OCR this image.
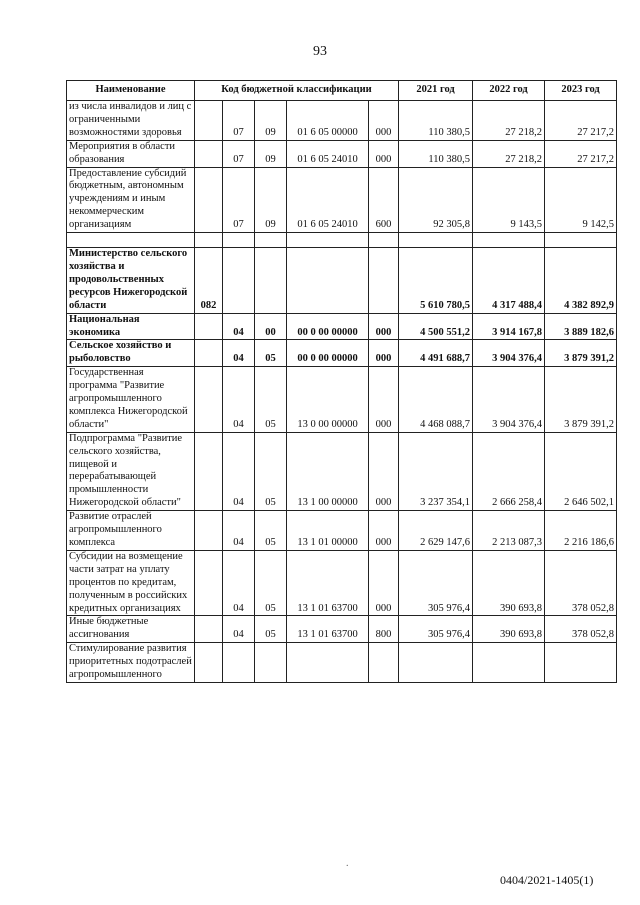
93
Наименование	Код бюджетной классификации					2021 год	2022 год	2023 год
из числа инвалидов и лиц с ограниченными возможностями здоровья		07	09	01 6 05 00000	000	110 380,5	27 218,2	27 217,2
Мероприятия в области образования		07	09	01 6 05 24010	000	110 380,5	27 218,2	27 217,2
Предоставление субсидий бюджетным, автономным учреждениям и иным некоммерческим организациям		07	09	01 6 05 24010	600	92 305,8	9 143,5	9 142,5

Министерство сельского хозяйства и продовольственных ресурсов Нижегородской области	082					5 610 780,5	4 317 488,4	4 382 892,9
Национальная экономика		04	00	00 0 00 00000	000	4 500 551,2	3 914 167,8	3 889 182,6
Сельское хозяйство и рыболовство		04	05	00 0 00 00000	000	4 491 688,7	3 904 376,4	3 879 391,2
Государственная программа "Развитие агропромышленного комплекса Нижегородской области"		04	05	13 0 00 00000	000	4 468 088,7	3 904 376,4	3 879 391,2
Подпрограмма "Развитие сельского хозяйства, пищевой и перерабатывающей промышленности Нижегородской области"		04	05	13 1 00 00000	000	3 237 354,1	2 666 258,4	2 646 502,1
Развитие отраслей агропромышленного комплекса		04	05	13 1 01 00000	000	2 629 147,6	2 213 087,3	2 216 186,6
Субсидии на возмещение части затрат на уплату процентов по кредитам, полученным в российских кредитных организациях		04	05	13 1 01 63700	000	305 976,4	390 693,8	378 052,8
Иные бюджетные ассигнования		04	05	13 1 01 63700	800	305 976,4	390 693,8	378 052,8
Стимулирование развития приоритетных подотраслей агропромышленного								
.
0404/2021-1405(1)
